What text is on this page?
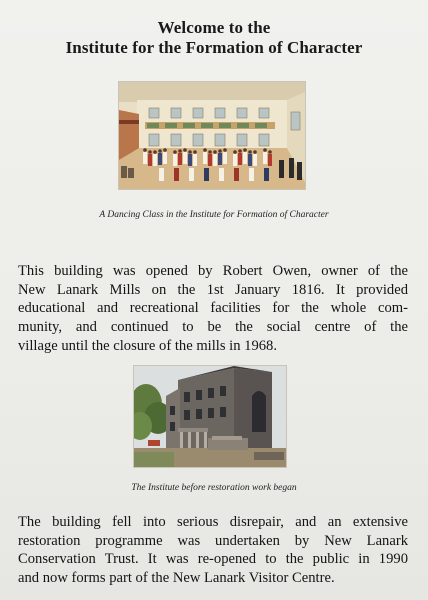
Welcome to the
Institute for the Formation of Character
A Dancing Class in the Institute for Formation of Character
This building was opened by Robert Owen, owner of the
New Lanark Mills on the 1st January 1816. It provided
educational and recreational facilities for the whole com-
munity, and continued to be the social centre of the
village until the closure of the mills in 1968.
The Institute before restoration work began
The building fell into serious disrepair, and an extensive
restoration programme was undertaken by New Lanark
Conservation Trust. It was re-opened to the public in 1990
and now forms part of the New Lanark Visitor Centre.
